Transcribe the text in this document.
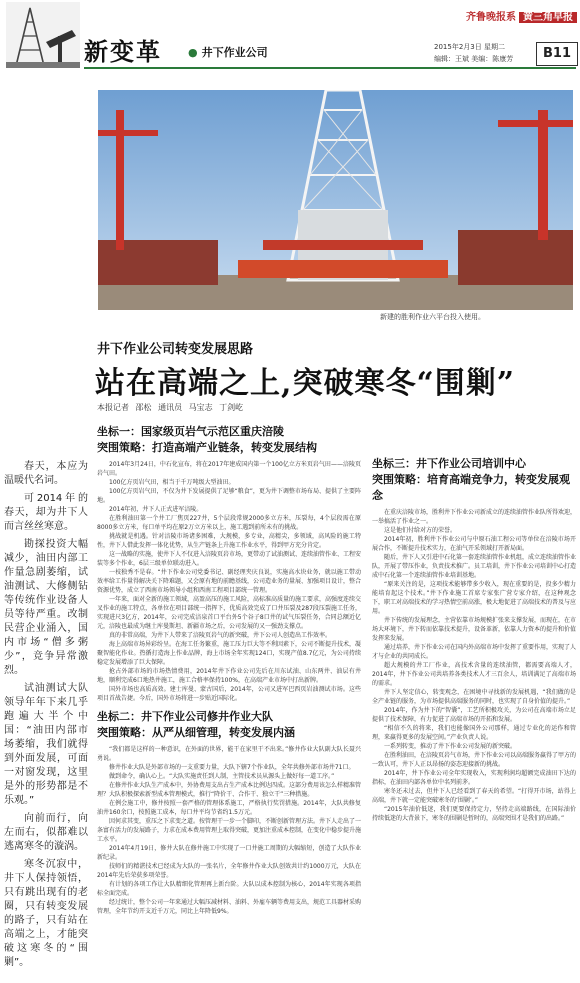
新变革 ● 井下作业公司
齐鲁晚报系 黄三角早报
2015年2月3日 星期二
编辑：王斌 美编：陈康芳	B11
新建的胜利作业六平台投入使用。
井下作业公司转变发展思路
站在高端之上,突破寒冬“围剿”
本报记者 邵松 通讯员 马宝志 丁剑屹

春天，本应为温暖代名词。

可2014年的春天，却为井下人而言丝丝寒意。

勘探投资大幅减少，油田内部工作量急剧萎缩，试油测试、大修侧钻等传统作业设备人员等待严重。改制民营企业涌入，国内市场“僧多粥少”，竞争异常激烈。

试油测试大队领导年年下来几乎跑遍大半个中国：“油田内部市场萎缩，我们就得到外面发展，可面一对窗发现，这里是外的形势都是不乐观。”

向前而行，向左而右，似都难以逃离寒冬的漩涡。

寒冬沉寂中，井下人保持领悟，只有跳出现有的老圈，只有转变发展的路子，只有站在高端之上，才能突破这寒冬的“围剿”。

坐标一：国家级页岩气示范区重庆涪陵
突围策略：打造高端产业链条，转变发展结构

2014年3月24日，中石化宣布，将在2017年建成国内第一个100亿立方米页岩气田——涪陵页岩气田。

100亿方页岩气田，相当于千万吨级大型油田。

100亿方页岩气田，不仅为井下发展提供了足够“粮食”，更为井下调整市场布局、提供了主要阵地。

2014年初，井下人正式进军涪陵。

在胜利油田第一个井工厂焦页227井，5个层段常规2000多立方米，压裂每，4个层段需在原8000多立方米，每口单平均在原2万立方米以上，施工遇到前所未有的挑战。

挑战就是机遇。针对涪陵市场诸多困难，大规模，多专业，高精尖，多领域，高风险的施工特性，井下人借此发挥一体化优势，从生产链条上升施工作业水平，得到甲方充分肯定。

这一战略的实施，使井下人不仅进入涪陵页岩市场，更带动了试油测试、连续油管作业、工程安装等多个作业，6层三级单位联动进入。

一枝独秀不是春。“井下作业公司党委书记、副经理夹庆良说，实施高水块业务，就以施工带动效率给工作量得解决关下降难题，又会原有地的前瞻基线，公司造业务的量展、加强项目设计，整合资源优势，成立了西南市场领导小组和西南工程项目部统一管理。

一年来，面对全新的施工领域，高盈高压的施工风险，高标准高质量的施工要求，高强度连续交叉作业的施工特点，各单位在项目部统一指挥下，优质高效完成了口井压裂及287段压裂施工任务，实现进尺3亿方，2014年，公司完成涪泉首口平台外5个谷子8口井的试气压裂任务，合同总额近亿元，涪陵也最成为继土库曼斯坦、新疆市场之后，公司发展的又一强劲支撑点。

真的非常高端，为井下人带来了涪陵页岩气的新突破，井下公司人创造出工作效率。

海上高端市场异彩纷呈。在海工任务繁重，施工压力巨大等不利因素下，公司不断提升技术，凝聚智能化作业。热循打造海上作业品牌，海上市场全年实现124口，实现产值8.7亿元，为公司持续稳定发展增添了巨大保障。

抢占外部市场的市场热情费用，2014年井下作业公司先后在川东试油、山东两井、油层有井地，顺利完成6口地热井施工，施工合格率保持100%，在高端产业市场中打出新牌。

国外市场也高质高效。建士库曼、蒙古国后，2014年，公司又进军巴西页岩油测试市场。这些项目首战告捷。今后，国外市场将进一步贴近国际化。

坐标二：井下作业公司修井作业大队
突围策略：从严从细管理，转变发展内涵

“我们都是这样的一种意识，在外面的世界，能干在家里干不出来。”修井作业大队副大队长聂兴勇说。

修井作业大队是外部市场的一支重要力量，大队下辖7个作业队，全年共修外部市场井71口。

做到命令，确认心上。“大队实施责任到人制，主管技术员从源头上做好每一道工序。”

在修井作业大队生产成本中，外协费用支出占生产成本比例达四成。这部分费用该怎么样精准管理？大队积极探索新型成本管理模式，推行“降价干、合作干、独立干”三种措施。

在例会施工中，修井按照一套严格的管理体系施工，严格执行奖罚措施。2014年，大队共修复油井160余口，按照施工成本，每口井平均节省约1.5万元。

因何求其变，重压之下求变之道。按管理干一步一个脚印，不断创新管理方法。井下人走出了一条富有活力的发展路子，力求在成本费用管理上取得突破，更加注重成本控制，在变化中稳步提升施工水平。

2014年4月19日，修井大队在修井施工中实现了一口井施工周期的大幅缩短，创造了大队作业新纪录。

技师们的精湛技术已经成为大队的一张名片，全年修井作业大队创效共计约1000万元，大队在2014年先后荣获多项荣誉。

有计划的各项工作让大队精细化管理再上新台阶。大队以成本控制为核心，2014年实现各项指标全面完成。

经过统计，整个公司一年来通过大幅压减材料、油料、外雇车辆等费用支出，规范工具器材采购管理，全年节约开支近千万元，同比上年降低9%。

坐标三：井下作业公司培训中心
突围策略：培育高端竞争力，转变发展观念

在重庆涪陵市场，胜利井下作业公司新成立的连续油管作业队所得欢迎，一举搞活了作业之一。

这是他们付给对方的荣誉。

2014年初，胜利井下作业公司与中原石油工程公司等单位在涪陵市场开展合作，不断提升技术实力，在油气开采领域打开新局面。

随后，井下人又引进中石化第一套连续油管作业机组，成立连续油管作业队，开展了带压作业，负责技术推广。员工培训，井下作业公司培训中心打造成中石化第一个连续油管作业培训基地。

“原来关注的是，这项技术能够带多少收入，现在重要的是，投多少精力能培育起这个技术。”井下作业施工首席专家张广营专家介绍，在这种观念下，职工对高端技术的学习热情空前高涨，极大地促进了高端技术的普及与应用。

井下传统的发展理念，主营依靠市场规模扩张来支撑发展，而现在，在市场大环境下，井下转而依靠技术提升，设备革新，依靠人力资本的提升和价值发挥来发展。

通过培养，井下作业公司在国内外高端市场中发挥了重要作用，实现了人才与企业的共同成长。

超大规模的井工厂作业，高技术含量的连续油管，都需要高端人才，2014年，井下作业公司共培养各类技术人才三百余人，培训满足了高端市场的需求。

井下人坚定信心，转变观念，在困境中寻找新的发展机遇，“我们做的是全产业链的服务，为市场提供高端服务的同时，也实现了自身价值的提升。”

2014年，作为井下的“智囊”，工艺所积极攻关，为公司在高端市场立足提供了技术保障，有力促进了高端市场的开拓和发展。

“相信不久的将来，我们也能像国外公司那样，通过专业化的运作和管理，来赢得更多的发展空间。”产业负责人说。

一系列转变，推动了井下作业公司发展的新突破。

在胜利油田，在涪陵页岩气市场，井下作业公司以高端服务赢得了甲方的一致认可，井下人正以昂扬的姿态迎接新的挑战。

2014年，井下作业公司全年实现收入，实现利润均超额完成油田下达的指标，在油田内部各单位中名列前茅。

寒冬还未过去，但井下人已经看到了春天的希望。“打得开市场，站得上高端，井下就一定能突破寒冬的‘围剿’。”

“2015年油价低迷，我们更要保持定力，坚持走高端路线，在国际油价持续低迷的大背景下，寒冬的围剿是暂时的，高端突围才是我们的出路。”
